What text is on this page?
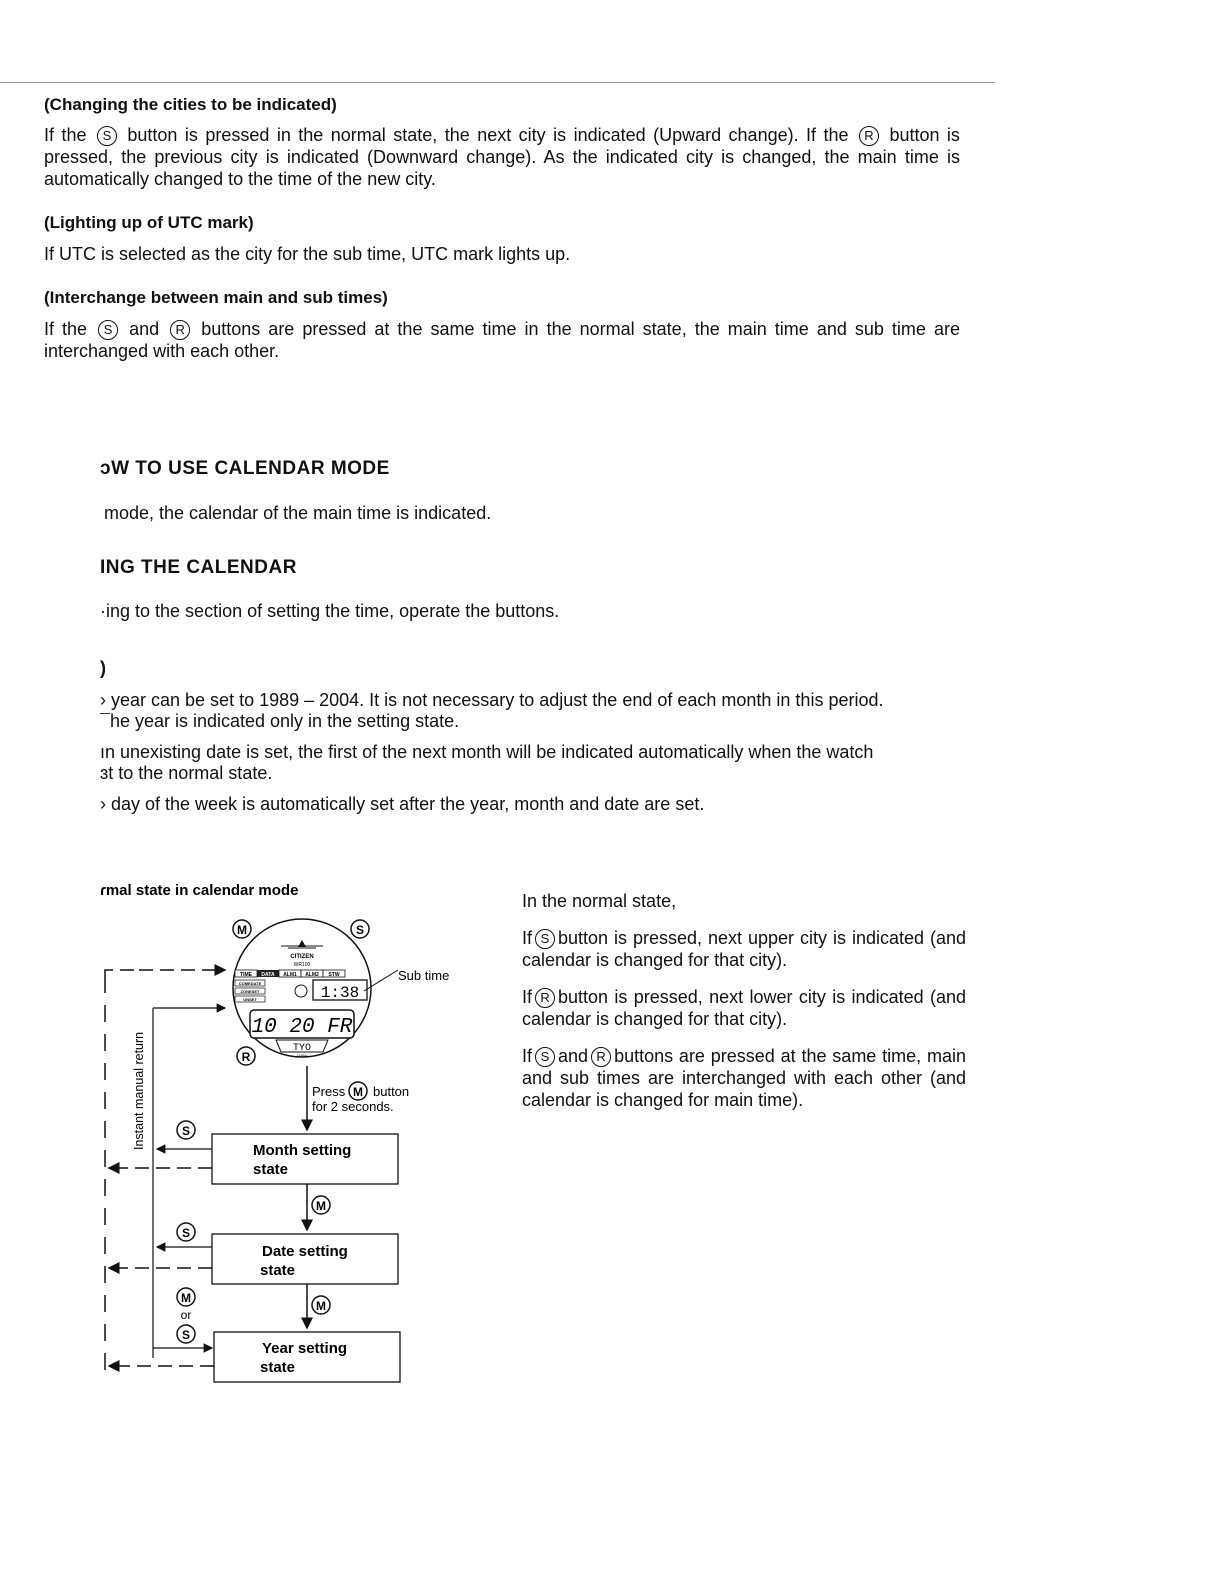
(Changing the cities to be indicated)
If the S button is pressed in the normal state, the next city is indicated (Upward change). If the R button is pressed, the previous city is indicated (Downward change). As the indicated city is changed, the main time is automatically changed to the time of the new city.
(Lighting up of UTC mark)
If UTC is selected as the city for the sub time, UTC mark lights up.
(Interchange between main and sub times)
If the S and R buttons are pressed at the same time in the normal state, the main time and sub time are interchanged with each other.
ɔW TO USE CALENDAR MODE
mode, the calendar of the main time is indicated.
ING THE CALENDAR
·ing to the section of setting the time, operate the buttons.
)
› year can be set to 1989 – 2004. It is not necessary to adjust the end of each month in this period.
¯he year is indicated only in the setting state.
ın unexisting date is set, the first of the next month will be indicated automatically when the watch
ɜt to the normal state.
› day of the week is automatically set after the year, month and date are set.
ɾmal state in calendar mode
M	S
R
CITIZEN
WR100
TIME DATA ALM1 ALM2 STW
COMEDATE
ZONESET
UNSET	1:38
10 20 FR
TYO
JAPAN
Sub time
Instant manual return	Press M button
for 2 seconds.
Month setting
state
S
M
Date setting
state
S
M
Year setting
state
M
or
S

In the normal state,

If S button is pressed, next upper city is indicated (and calendar is changed for that city).

If R button is pressed, next lower city is indicated (and calendar is changed for that city).

If S and R buttons are pressed at the same time, main and sub times are interchanged with each other (and calendar is changed for main time).
